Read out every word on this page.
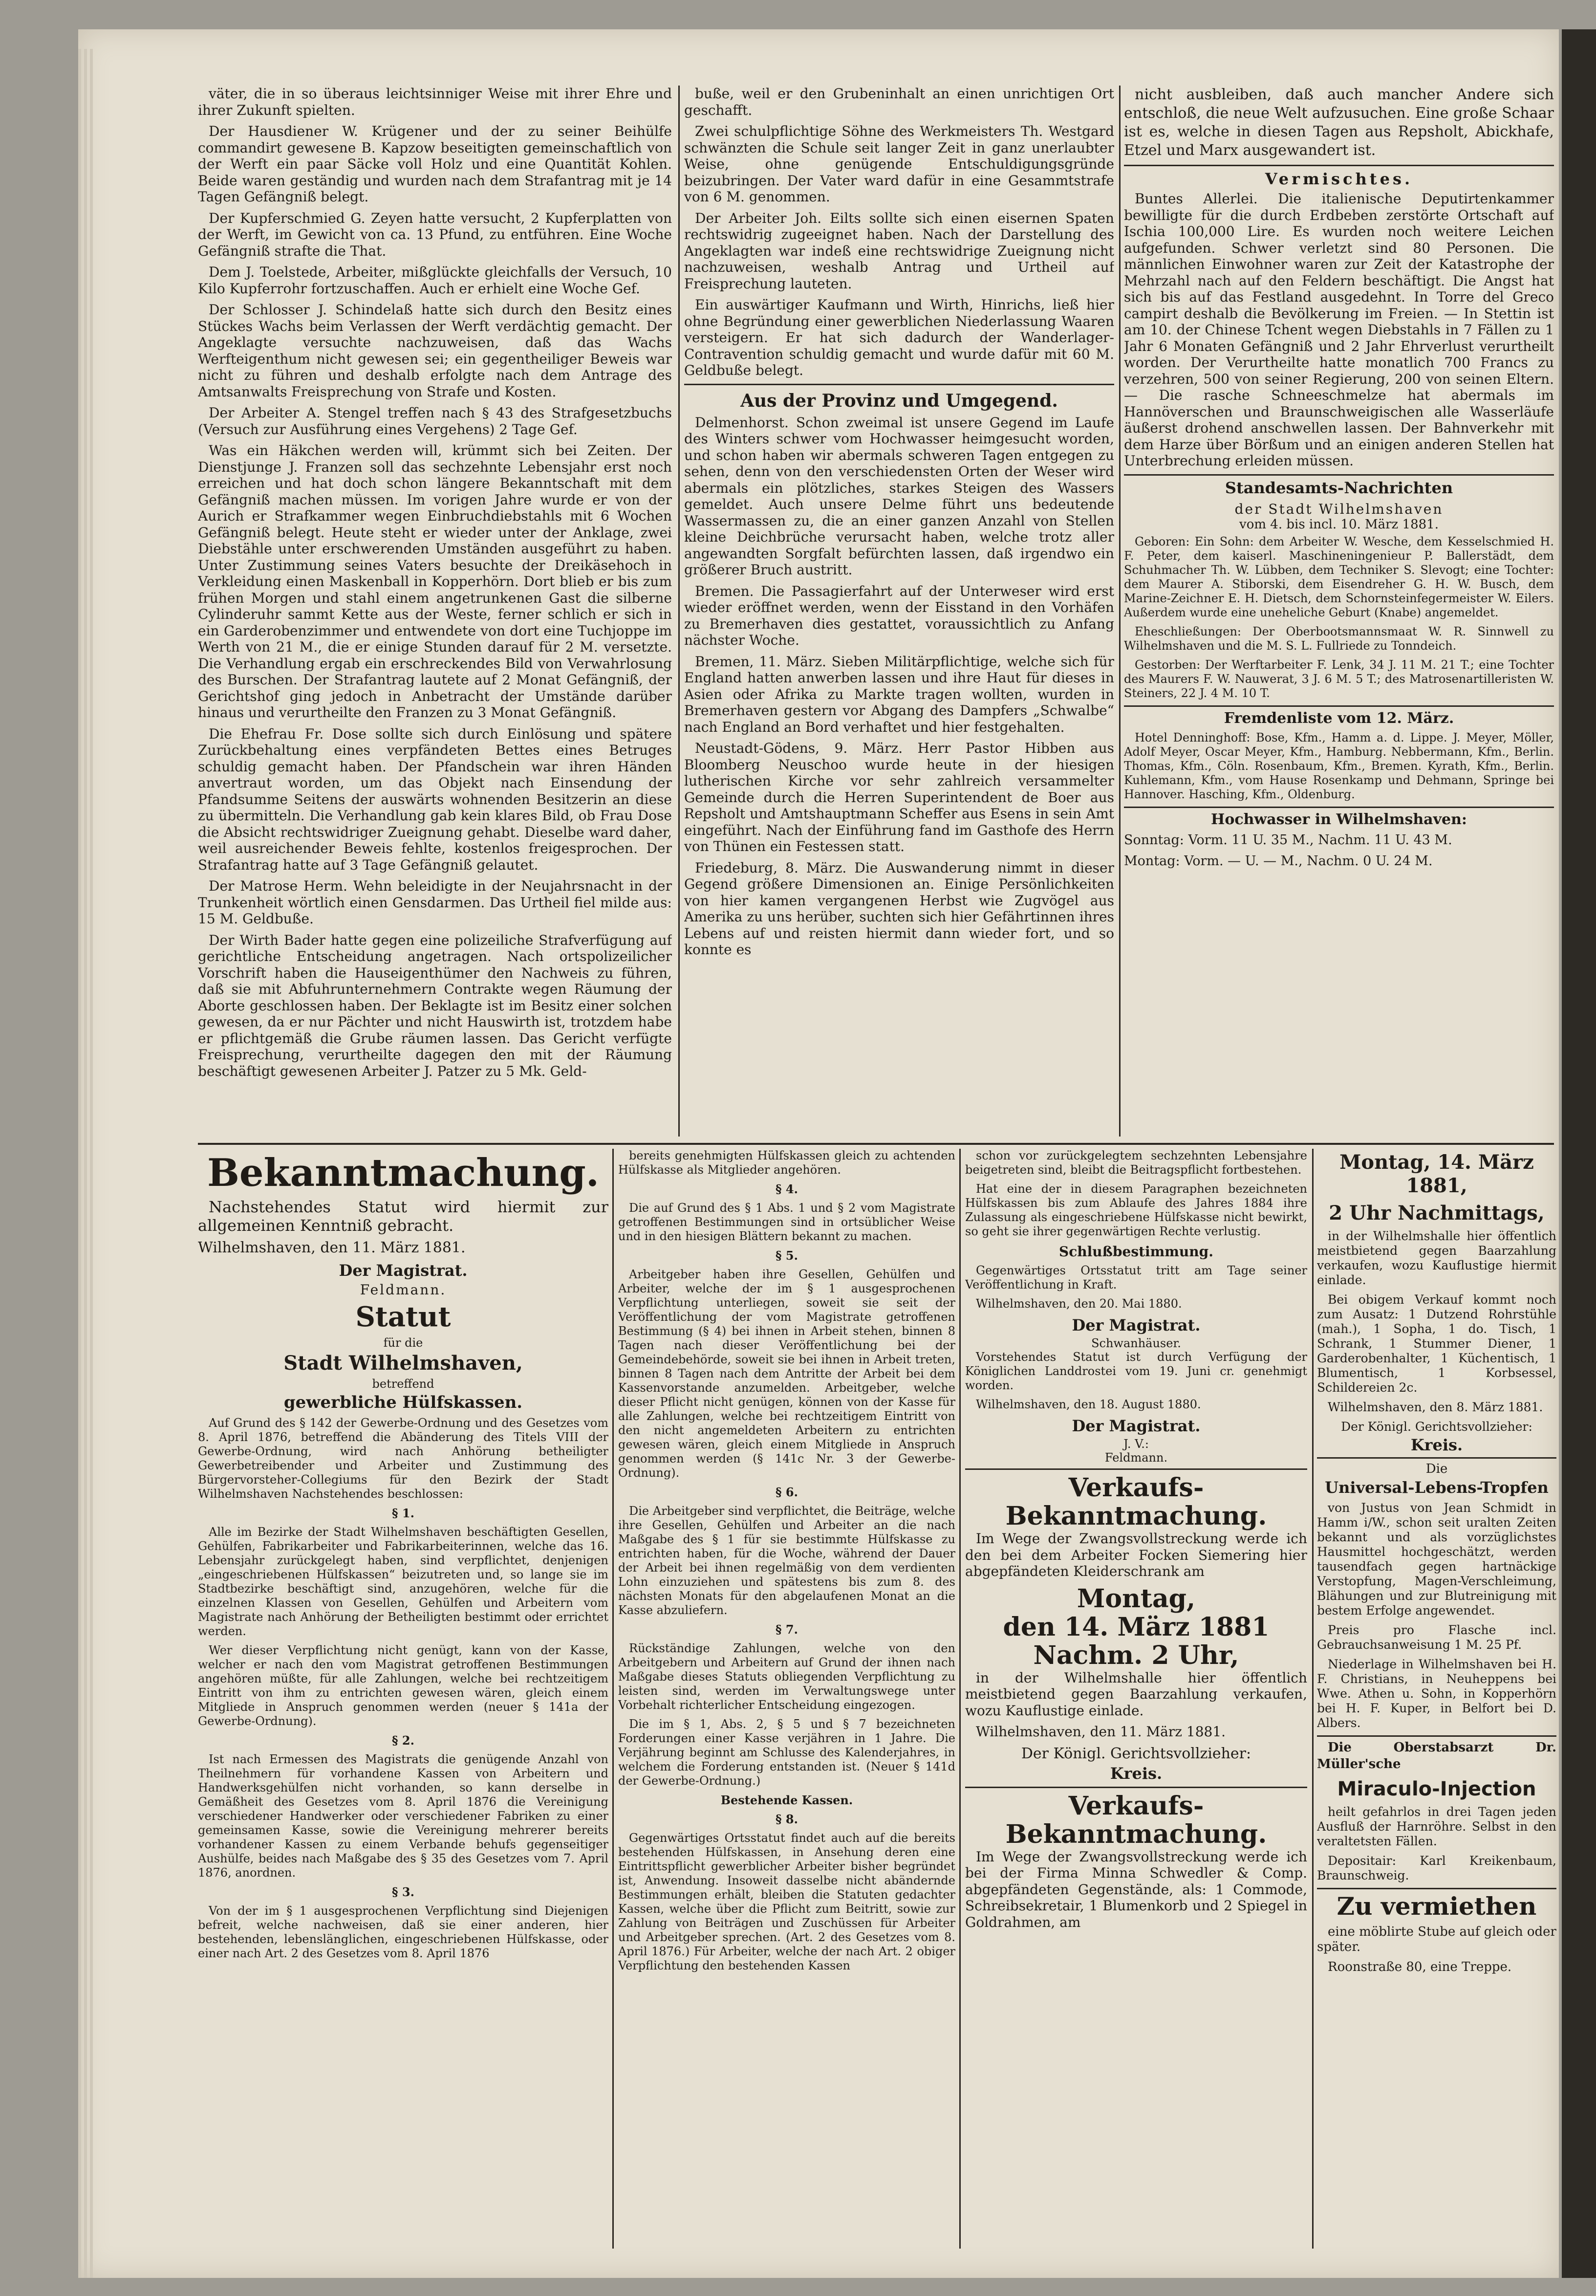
väter, die in so überaus leichtsinniger Weise mit ihrer Ehre und ihrer Zukunft spielten.

Der Hausdiener W. Krügener und der zu seiner Beihülfe commandirt gewesene B. Kapzow beseitigten gemeinschaftlich von der Werft ein paar Säcke voll Holz und eine Quantität Kohlen. Beide waren geständig und wurden nach dem Strafantrag mit je 14 Tagen Gefängniß belegt.

Der Kupferschmied G. Zeyen hatte versucht, 2 Kupferplatten von der Werft, im Gewicht von ca. 13 Pfund, zu entführen. Eine Woche Gefängniß strafte die That.

Dem J. Toelstede, Arbeiter, mißglückte gleichfalls der Versuch, 10 Kilo Kupferrohr fortzuschaffen. Auch er erhielt eine Woche Gef.

Der Schlosser J. Schindelaß hatte sich durch den Besitz eines Stückes Wachs beim Verlassen der Werft verdächtig gemacht. Der Angeklagte versuchte nachzuweisen, daß das Wachs Werfteigenthum nicht gewesen sei; ein gegentheiliger Beweis war nicht zu führen und deshalb erfolgte nach dem Antrage des Amtsanwalts Freisprechung von Strafe und Kosten.

Der Arbeiter A. Stengel treffen nach § 43 des Strafgesetzbuchs (Versuch zur Ausführung eines Vergehens) 2 Tage Gef.

Was ein Häkchen werden will, krümmt sich bei Zeiten. Der Dienstjunge J. Franzen soll das sechzehnte Lebensjahr erst noch erreichen und hat doch schon längere Bekanntschaft mit dem Gefängniß machen müssen. Im vorigen Jahre wurde er von der Aurich er Strafkammer wegen Einbruchdiebstahls mit 6 Wochen Gefängniß belegt. Heute steht er wieder unter der Anklage, zwei Diebstähle unter erschwerenden Umständen ausgeführt zu haben. Unter Zustimmung seines Vaters besuchte der Dreikäsehoch in Verkleidung einen Maskenball in Kopperhörn. Dort blieb er bis zum frühen Morgen und stahl einem angetrunkenen Gast die silberne Cylinderuhr sammt Kette aus der Weste, ferner schlich er sich in ein Garderobenzimmer und entwendete von dort eine Tuchjoppe im Werth von 21 M., die er einige Stunden darauf für 2 M. versetzte. Die Verhandlung ergab ein erschreckendes Bild von Verwahrlosung des Burschen. Der Strafantrag lautete auf 2 Monat Gefängniß, der Gerichtshof ging jedoch in Anbetracht der Umstände darüber hinaus und verurtheilte den Franzen zu 3 Monat Gefängniß.

Die Ehefrau Fr. Dose sollte sich durch Einlösung und spätere Zurückbehaltung eines verpfändeten Bettes eines Betruges schuldig gemacht haben. Der Pfandschein war ihren Händen anvertraut worden, um das Objekt nach Einsendung der Pfandsumme Seitens der auswärts wohnenden Besitzerin an diese zu übermitteln. Die Verhandlung gab kein klares Bild, ob Frau Dose die Absicht rechtswidriger Zueignung gehabt. Dieselbe ward daher, weil ausreichender Beweis fehlte, kostenlos freigesprochen. Der Strafantrag hatte auf 3 Tage Gefängniß gelautet.

Der Matrose Herm. Wehn beleidigte in der Neujahrsnacht in der Trunkenheit wörtlich einen Gensdarmen. Das Urtheil fiel milde aus: 15 M. Geldbuße.

Der Wirth Bader hatte gegen eine polizeiliche Strafverfügung auf gerichtliche Entscheidung angetragen. Nach ortspolizeilicher Vorschrift haben die Hauseigenthümer den Nachweis zu führen, daß sie mit Abfuhrunternehmern Contrakte wegen Räumung der Aborte geschlossen haben. Der Beklagte ist im Besitz einer solchen gewesen, da er nur Pächter und nicht Hauswirth ist, trotzdem habe er pflichtgemäß die Grube räumen lassen. Das Gericht verfügte Freisprechung, verurtheilte dagegen den mit der Räumung beschäftigt gewesenen Arbeiter J. Patzer zu 5 Mk. Geld-

buße, weil er den Grubeninhalt an einen unrichtigen Ort geschafft.

Zwei schulpflichtige Söhne des Werkmeisters Th. Westgard schwänzten die Schule seit langer Zeit in ganz unerlaubter Weise, ohne genügende Entschuldigungsgründe beizubringen. Der Vater ward dafür in eine Gesammtstrafe von 6 M. genommen.

Der Arbeiter Joh. Eilts sollte sich einen eisernen Spaten rechtswidrig zugeeignet haben. Nach der Darstellung des Angeklagten war indeß eine rechtswidrige Zueignung nicht nachzuweisen, weshalb Antrag und Urtheil auf Freisprechung lauteten.

Ein auswärtiger Kaufmann und Wirth, Hinrichs, ließ hier ohne Begründung einer gewerblichen Niederlassung Waaren versteigern. Er hat sich dadurch der Wanderlager-Contravention schuldig gemacht und wurde dafür mit 60 M. Geldbuße belegt.

Aus der Provinz und Umgegend.

Delmenhorst. Schon zweimal ist unsere Gegend im Laufe des Winters schwer vom Hochwasser heimgesucht worden, und schon haben wir abermals schweren Tagen entgegen zu sehen, denn von den verschiedensten Orten der Weser wird abermals ein plötzliches, starkes Steigen des Wassers gemeldet. Auch unsere Delme führt uns bedeutende Wassermassen zu, die an einer ganzen Anzahl von Stellen kleine Deichbrüche verursacht haben, welche trotz aller angewandten Sorgfalt befürchten lassen, daß irgendwo ein größerer Bruch austritt.

Bremen. Die Passagierfahrt auf der Unterweser wird erst wieder eröffnet werden, wenn der Eisstand in den Vorhäfen zu Bremerhaven dies gestattet, voraussichtlich zu Anfang nächster Woche.

Bremen, 11. März. Sieben Militärpflichtige, welche sich für England hatten anwerben lassen und ihre Haut für dieses in Asien oder Afrika zu Markte tragen wollten, wurden in Bremerhaven gestern vor Abgang des Dampfers „Schwalbe“ nach England an Bord verhaftet und hier festgehalten.

Neustadt-Gödens, 9. März. Herr Pastor Hibben aus Bloomberg Neuschoo wurde heute in der hiesigen lutherischen Kirche vor sehr zahlreich versammelter Gemeinde durch die Herren Superintendent de Boer aus Repsholt und Amtshauptmann Scheffer aus Esens in sein Amt eingeführt. Nach der Einführung fand im Gasthofe des Herrn von Thünen ein Festessen statt.

Friedeburg, 8. März. Die Auswanderung nimmt in dieser Gegend größere Dimensionen an. Einige Persönlichkeiten von hier kamen vergangenen Herbst wie Zugvögel aus Amerika zu uns herüber, suchten sich hier Gefährtinnen ihres Lebens auf und reisten hiermit dann wieder fort, und so konnte es

nicht ausbleiben, daß auch mancher Andere sich entschloß, die neue Welt aufzusuchen. Eine große Schaar ist es, welche in diesen Tagen aus Repsholt, Abickhafe, Etzel und Marx ausgewandert ist.

Vermischtes.

Buntes Allerlei. Die italienische Deputirtenkammer bewilligte für die durch Erdbeben zerstörte Ortschaft auf Ischia 100,000 Lire. Es wurden noch weitere Leichen aufgefunden. Schwer verletzt sind 80 Personen. Die männlichen Einwohner waren zur Zeit der Katastrophe der Mehrzahl nach auf den Feldern beschäftigt. Die Angst hat sich bis auf das Festland ausgedehnt. In Torre del Greco campirt deshalb die Bevölkerung im Freien. — In Stettin ist am 10. der Chinese Tchent wegen Diebstahls in 7 Fällen zu 1 Jahr 6 Monaten Gefängniß und 2 Jahr Ehrverlust verurtheilt worden. Der Verurtheilte hatte monatlich 700 Francs zu verzehren, 500 von seiner Regierung, 200 von seinen Eltern. — Die rasche Schneeschmelze hat abermals im Hannöverschen und Braunschweigischen alle Wasserläufe äußerst drohend anschwellen lassen. Der Bahnverkehr mit dem Harze über Börßum und an einigen anderen Stellen hat Unterbrechung erleiden müssen.

Standesamts-Nachrichten
der Stadt Wilhelmshaven
vom 4. bis incl. 10. März 1881.

Geboren: Ein Sohn: dem Arbeiter W. Wesche, dem Kesselschmied H. F. Peter, dem kaiserl. Maschineningenieur P. Ballerstädt, dem Schuhmacher Th. W. Lübben, dem Techniker S. Slevogt; eine Tochter: dem Maurer A. Stiborski, dem Eisendreher G. H. W. Busch, dem Marine-Zeichner E. H. Dietsch, dem Schornsteinfegermeister W. Eilers. Außerdem wurde eine uneheliche Geburt (Knabe) angemeldet.

Eheschließungen: Der Oberbootsmannsmaat W. R. Sinnwell zu Wilhelmshaven und die M. S. L. Fullriede zu Tonndeich.

Gestorben: Der Werftarbeiter F. Lenk, 34 J. 11 M. 21 T.; eine Tochter des Maurers F. W. Nauwerat, 3 J. 6 M. 5 T.; des Matrosenartilleristen W. Steiners, 22 J. 4 M. 10 T.

Fremdenliste vom 12. März.

Hotel Denninghoff: Bose, Kfm., Hamm a. d. Lippe. J. Meyer, Möller, Adolf Meyer, Oscar Meyer, Kfm., Hamburg. Nebbermann, Kfm., Berlin. Thomas, Kfm., Cöln. Rosenbaum, Kfm., Bremen. Kyrath, Kfm., Berlin. Kuhlemann, Kfm., vom Hause Rosenkamp und Dehmann, Springe bei Hannover. Hasching, Kfm., Oldenburg.

Hochwasser in Wilhelmshaven:

Sonntag: Vorm. 11 U. 35 M., Nachm. 11 U. 43 M.

Montag: Vorm. — U. — M., Nachm. 0 U. 24 M.

Bekanntmachung.

Nachstehendes Statut wird hiermit zur allgemeinen Kenntniß gebracht.

Wilhelmshaven, den 11. März 1881.

Der Magistrat.
Feldmann.
Statut
für die
Stadt Wilhelmshaven,
betreffend
gewerbliche Hülfskassen.

Auf Grund des § 142 der Gewerbe-Ordnung und des Gesetzes vom 8. April 1876, betreffend die Abänderung des Titels VIII der Gewerbe-Ordnung, wird nach Anhörung betheiligter Gewerbetreibender und Arbeiter und Zustimmung des Bürgervorsteher-Collegiums für den Bezirk der Stadt Wilhelmshaven Nachstehendes beschlossen:

§ 1.

Alle im Bezirke der Stadt Wilhelmshaven beschäftigten Gesellen, Gehülfen, Fabrikarbeiter und Fabrikarbeiterinnen, welche das 16. Lebensjahr zurückgelegt haben, sind verpflichtet, denjenigen „eingeschriebenen Hülfskassen“ beizutreten und, so lange sie im Stadtbezirke beschäftigt sind, anzugehören, welche für die einzelnen Klassen von Gesellen, Gehülfen und Arbeitern vom Magistrate nach Anhörung der Betheiligten bestimmt oder errichtet werden.

Wer dieser Verpflichtung nicht genügt, kann von der Kasse, welcher er nach den vom Magistrat getroffenen Bestimmungen angehören müßte, für alle Zahlungen, welche bei rechtzeitigem Eintritt von ihm zu entrichten gewesen wären, gleich einem Mitgliede in Anspruch genommen werden (neuer § 141a der Gewerbe-Ordnung).

§ 2.

Ist nach Ermessen des Magistrats die genügende Anzahl von Theilnehmern für vorhandene Kassen von Arbeitern und Handwerksgehülfen nicht vorhanden, so kann derselbe in Gemäßheit des Gesetzes vom 8. April 1876 die Vereinigung verschiedener Handwerker oder verschiedener Fabriken zu einer gemeinsamen Kasse, sowie die Vereinigung mehrerer bereits vorhandener Kassen zu einem Verbande behufs gegenseitiger Aushülfe, beides nach Maßgabe des § 35 des Gesetzes vom 7. April 1876, anordnen.

§ 3.

Von der im § 1 ausgesprochenen Verpflichtung sind Diejenigen befreit, welche nachweisen, daß sie einer anderen, hier bestehenden, lebenslänglichen, eingeschriebenen Hülfskasse, oder einer nach Art. 2 des Gesetzes vom 8. April 1876

bereits genehmigten Hülfskassen gleich zu achtenden Hülfskasse als Mitglieder angehören.

§ 4.

Die auf Grund des § 1 Abs. 1 und § 2 vom Magistrate getroffenen Bestimmungen sind in ortsüblicher Weise und in den hiesigen Blättern bekannt zu machen.

§ 5.

Arbeitgeber haben ihre Gesellen, Gehülfen und Arbeiter, welche der im § 1 ausgesprochenen Verpflichtung unterliegen, soweit sie seit der Veröffentlichung der vom Magistrate getroffenen Bestimmung (§ 4) bei ihnen in Arbeit stehen, binnen 8 Tagen nach dieser Veröffentlichung bei der Gemeindebehörde, soweit sie bei ihnen in Arbeit treten, binnen 8 Tagen nach dem Antritte der Arbeit bei dem Kassenvorstande anzumelden. Arbeitgeber, welche dieser Pflicht nicht genügen, können von der Kasse für alle Zahlungen, welche bei rechtzeitigem Eintritt von den nicht angemeldeten Arbeitern zu entrichten gewesen wären, gleich einem Mitgliede in Anspruch genommen werden (§ 141c Nr. 3 der Gewerbe-Ordnung).

§ 6.

Die Arbeitgeber sind verpflichtet, die Beiträge, welche ihre Gesellen, Gehülfen und Arbeiter an die nach Maßgabe des § 1 für sie bestimmte Hülfskasse zu entrichten haben, für die Woche, während der Dauer der Arbeit bei ihnen regelmäßig von dem verdienten Lohn einzuziehen und spätestens bis zum 8. des nächsten Monats für den abgelaufenen Monat an die Kasse abzuliefern.

§ 7.

Rückständige Zahlungen, welche von den Arbeitgebern und Arbeitern auf Grund der ihnen nach Maßgabe dieses Statuts obliegenden Verpflichtung zu leisten sind, werden im Verwaltungswege unter Vorbehalt richterlicher Entscheidung eingezogen.

Die im § 1, Abs. 2, § 5 und § 7 bezeichneten Forderungen einer Kasse verjähren in 1 Jahre. Die Verjährung beginnt am Schlusse des Kalenderjahres, in welchem die Forderung entstanden ist. (Neuer § 141d der Gewerbe-Ordnung.)

Bestehende Kassen.

§ 8.

Gegenwärtiges Ortsstatut findet auch auf die bereits bestehenden Hülfskassen, in Ansehung deren eine Eintrittspflicht gewerblicher Arbeiter bisher begründet ist, Anwendung. Insoweit dasselbe nicht abändernde Bestimmungen erhält, bleiben die Statuten gedachter Kassen, welche über die Pflicht zum Beitritt, sowie zur Zahlung von Beiträgen und Zuschüssen für Arbeiter und Arbeitgeber sprechen. (Art. 2 des Gesetzes vom 8. April 1876.) Für Arbeiter, welche der nach Art. 2 obiger Verpflichtung den bestehenden Kassen

schon vor zurückgelegtem sechzehnten Lebensjahre beigetreten sind, bleibt die Beitragspflicht fortbestehen.

Hat eine der in diesem Paragraphen bezeichneten Hülfskassen bis zum Ablaufe des Jahres 1884 ihre Zulassung als eingeschriebene Hülfskasse nicht bewirkt, so geht sie ihrer gegenwärtigen Rechte verlustig.

Schlußbestimmung.

Gegenwärtiges Ortsstatut tritt am Tage seiner Veröffentlichung in Kraft.

Wilhelmshaven, den 20. Mai 1880.

Der Magistrat.
Schwanhäuser.

Vorstehendes Statut ist durch Verfügung der Königlichen Landdrostei vom 19. Juni cr. genehmigt worden.

Wilhelmshaven, den 18. August 1880.

Der Magistrat.
J. V.:
Feldmann.
Verkaufs-
Bekanntmachung.

Im Wege der Zwangsvollstreckung werde ich den bei dem Arbeiter Focken Siemering hier abgepfändeten Kleiderschrank am

Montag,
den 14. März 1881
Nachm. 2 Uhr,

in der Wilhelmshalle hier öffentlich meistbietend gegen Baarzahlung verkaufen, wozu Kauflustige einlade.

Wilhelmshaven, den 11. März 1881.

Der Königl. Gerichtsvollzieher:
Kreis.
Verkaufs-
Bekanntmachung.

Im Wege der Zwangsvollstreckung werde ich bei der Firma Minna Schwedler & Comp. abgepfändeten Gegenstände, als: 1 Commode, Schreibsekretair, 1 Blumenkorb und 2 Spiegel in Goldrahmen, am

Montag, 14. März 1881,
2 Uhr Nachmittags,

in der Wilhelmshalle hier öffentlich meistbietend gegen Baarzahlung verkaufen, wozu Kauflustige hiermit einlade.

Bei obigem Verkauf kommt noch zum Ausatz: 1 Dutzend Rohrstühle (mah.), 1 Sopha, 1 do. Tisch, 1 Schrank, 1 Stummer Diener, 1 Garderobenhalter, 1 Küchentisch, 1 Blumentisch, 1 Korbsessel, Schildereien 2c.

Wilhelmshaven, den 8. März 1881.

Der Königl. Gerichtsvollzieher:
Kreis.
Die
Universal-Lebens-Tropfen

von Justus von Jean Schmidt in Hamm i/W., schon seit uralten Zeiten bekannt und als vorzüglichstes Hausmittel hochgeschätzt, werden tausendfach gegen hartnäckige Verstopfung, Magen-Verschleimung, Blähungen und zur Blutreinigung mit bestem Erfolge angewendet.

Preis pro Flasche incl. Gebrauchsanweisung 1 M. 25 Pf.

Niederlage in Wilhelmshaven bei H. F. Christians, in Neuheppens bei Wwe. Athen u. Sohn, in Kopperhörn bei H. F. Kuper, in Belfort bei D. Albers.

Die Oberstabsarzt Dr. Müller'sche

Miraculo-Injection

heilt gefahrlos in drei Tagen jeden Ausfluß der Harnröhre. Selbst in den veraltetsten Fällen.

Depositair: Karl Kreikenbaum, Braunschweig.

Zu vermiethen

eine möblirte Stube auf gleich oder später.

Roonstraße 80, eine Treppe.
